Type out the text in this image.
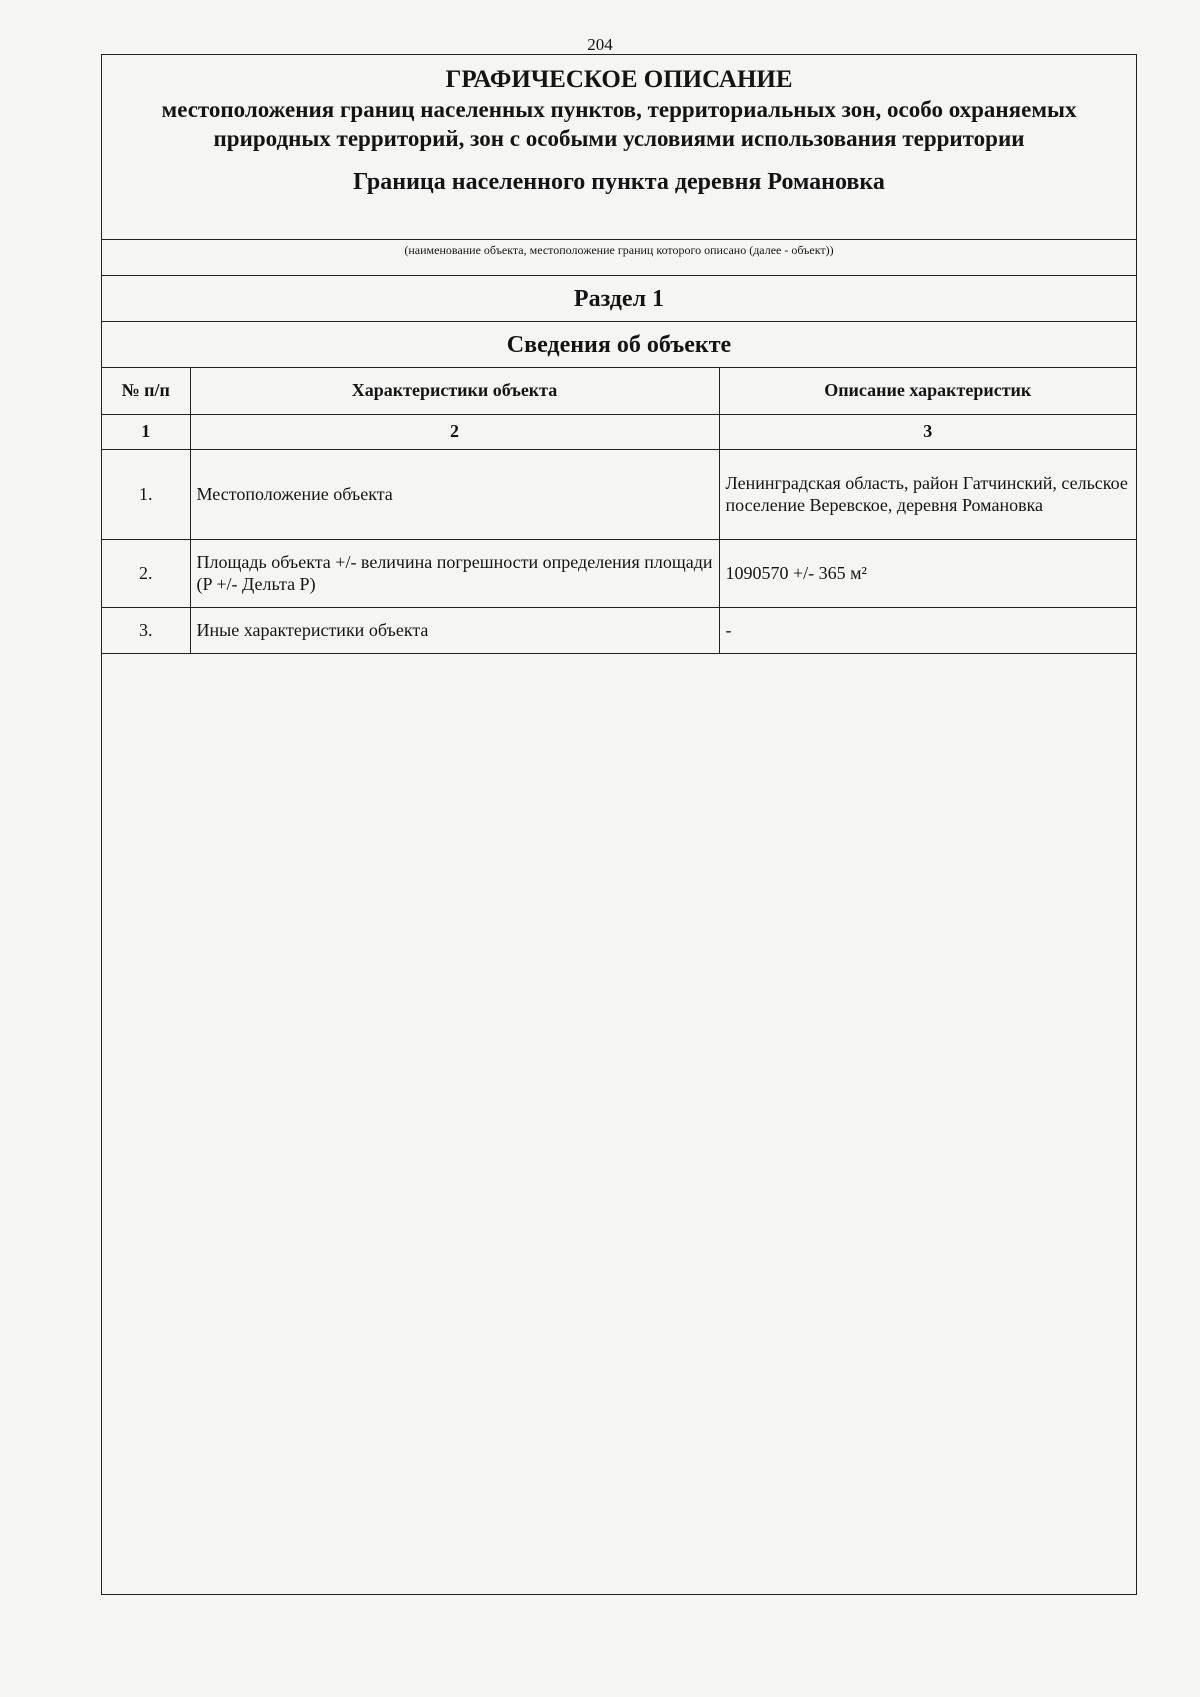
204
ГРАФИЧЕСКОЕ ОПИСАНИЕ
местоположения границ населенных пунктов, территориальных зон, особо охраняемых природных территорий, зон с особыми условиями использования территории
Граница населенного пункта деревня Романовка
(наименование объекта, местоположение границ которого описано (далее - объект))
Раздел 1
Сведения об объекте
№ п/п	Характеристики объекта	Описание характеристик
1	2	3
1.	Местоположение объекта	Ленинградская область, район Гатчинский, сельское поселение Веревское, деревня Романовка
2.	Площадь объекта +/- величина погрешности определения площади (P +/- Дельта P)	1090570 +/- 365 м²
3.	Иные характеристики объекта	-
